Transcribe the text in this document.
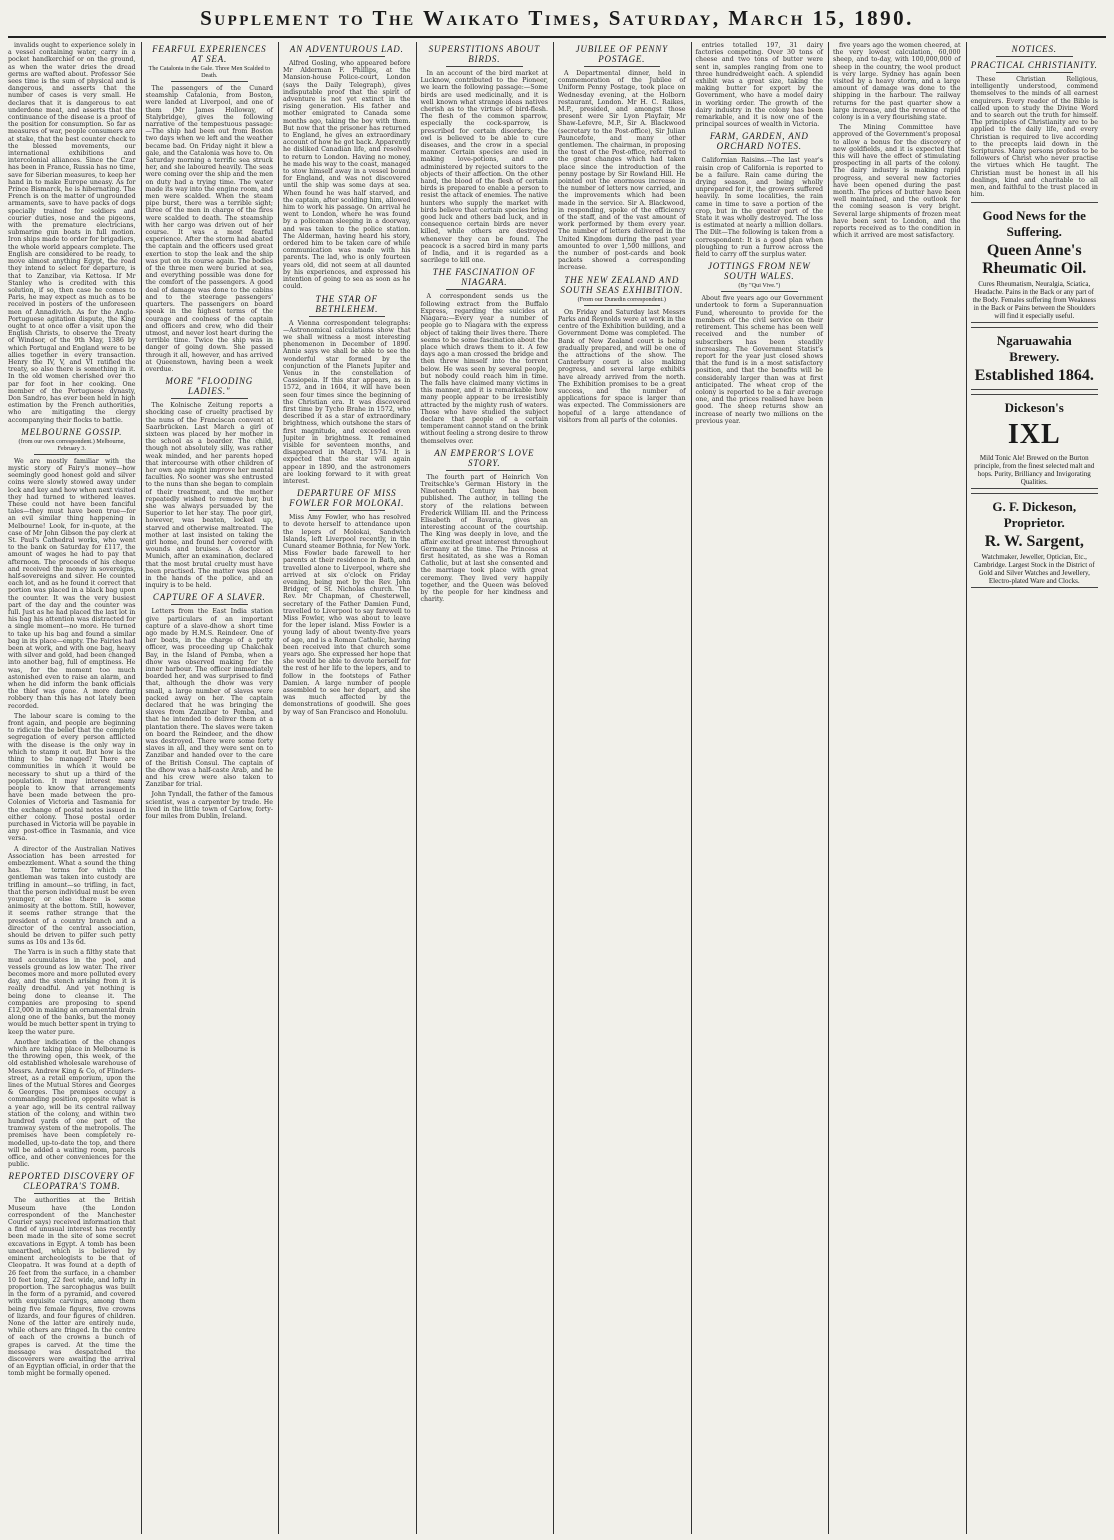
Supplement to The Waikato Times, Saturday, March 15, 1890.

invalids ought to experience solely in a vessel containing water, carry in a pocket handkerchief or on the ground, as when the water dries the dread germs are wafted about. Professor Sée sees time is the sum of physical and is dangerous, and asserts that the number of cases is very small. He declares that it is dangerous to eat underdone meat, and asserts that the continuance of the disease is a proof of the position for consumption. So far as measures of war, people consumers are at stake, that the best counter check to the blessed movements, our international exhibitions and intercolonial alliances. Since the Czar has been in France, Russia has no time, save for Siberian measures, to keep her hand in to make Europe uneasy. As for Prince Bismarck, he is hibernating. The French is on the matter of ungrounded armaments, save to have packs of dogs specially trained for soldiers and courier duties, nose and the pigeons, with the premature electricians, submarine gun boats in full motion. Iron ships made to order for brigadiers, the whole world appears complete. The English are considered to be ready, to move almost anything Egypt, the road they intend to select for departure, is that to Zanzibar, via Kettosa. If Mr Stanley who is credited with this solution, if so, then case he comes to Paris, he may expect as much as to be received in posters of the unforeseen men of Annadivich. As for the Anglo-Portuguese agitation dispute, the King ought to at once offer a visit upon the English Christs, to observe the Treaty of Windsor, of the 9th May, 1386 by which Portugal and England were to be allies together in every transaction. Henry the IV, V, and VI ratified the treaty, so also there is something in it. In the old women cherished over tho par for foot in her cooking. One member of the Portuguese dynasty, Don Sandro, has ever been held in high estimation by the French authorities, who are mitigating the clergy accompanying their flocks to battle.

MELBOURNE GOSSIP.
(from our own correspondent.) Melbourne, February 3.

We are mostly familiar with the mystic story of Fairy's money—how seemingly good honest gold and silver coins were slowly stowed away under lock and key and how when next visited they had turned to withered leaves. These could not have been fanciful tales—they must have been true—for an evil similar thing happening in Melbourne! Look, for in-quote, at the case of Mr John Gibson the pay clerk at St. Paul's Cathedral works, who went to the bank on Saturday for £117, the amount of wages he had to pay that afternoon. The proceeds of his cheque and received the money in sovereigns, half-sovereigns and silver. He counted each lot, and as he found it correct that portion was placed in a black bag upon the counter. It was the very busiest part of the day and the counter was full. Just as he had placed the last lot in his bag his attention was distracted for a single moment—no more. He turned to take up his bag and found a similar bag in its place—empty. The Fairies had been at work, and with one bag, heavy with silver and gold, had been changed into another bag, full of emptiness. He was, for the moment too much astonished even to raise an alarm, and when he did inform the bank officials the thief was gone. A more daring robbery than this has not lately been recorded.

The labour scare is coming to the front again, and people are beginning to ridicule the belief that the complete segregation of every person afflicted with the disease is the only way in which to stamp it out. But how is the thing to be managed? There are communities in which it would be necessary to shut up a third of the population. It may interest many people to know that arrangements have been made between the pro-Colonies of Victoria and Tasmania for the exchange of postal notes issued in either colony. Those postal order purchased in Victoria will be payable in any post-office in Tasmania, and vice versa.

A director of the Australian Natives Association has been arrested for embezzlement. What a sound the thing has. The terms for which the gentleman was taken into custody are trifling in amount—so trifling, in fact, that the person individual must be even younger, or else there is some animosity at the bottom. Still, however, it seems rather strange that the president of a country branch and a director of the central association, should be driven to pilfer such petty sums as 10s and 13s 6d.

The Yarra is in such a filthy state that mud accumulates in the pool, and vessels ground as low water. The river becomes more and more polluted every day, and the stench arising from it is really dreadful. And yet nothing is being done to cleanse it. The companies are proposing to spend £12,000 in making an ornamental drain along one of the banks, but the money would be much better spent in trying to keep the water pure.

Another indication of the changes which are taking place in Melbourne is the throwing open, this week, of the old established wholesale warehouse of Messrs. Andrew King & Co, of Flinders-street, as a retail emporium, upon the lines of the Mutual Stores and Georges & Georges. The premises occupy a commanding position, opposite what is a year ago, will be its central railway station of the colony, and within two hundred yards of one part of the tramway system of the metropolis. The premises have been completely re-modelled, up-to-date the top, and there will be added a waiting room, parcels office, and other conveniences for the public.

REPORTED DISCOVERY OF CLEOPATRA'S TOMB.

The authorities at the British Museum have (the London correspondent of the Manchester Courier says) received information that a find of unusual interest has recently been made in the site of some secret excavations in Egypt. A tomb has been unearthed, which is believed by eminent archeologists to be that of Cleopatra. It was found at a depth of 26 feet from the surface, in a chamber 10 feet long, 22 feet wide, and lofty in proportion. The sarcophagus was built in the form of a pyramid, and covered with exquisite carvings, among them being five female figures, five crowns of lizards, and four figures of children. None of the latter are entirely nude, while others are fringed. In the centre of each of the crowns a bunch of grapes is carved. At the time the message was despatched the discoverers were awaiting the arrival of an Egyptian official, in order that the tomb might be formally opened.

FEARFUL EXPERIENCES AT SEA.
The Catalonia in the Gale. Three Men Scalded to Death.

The passengers of the Cunard steamship Catalonia, from Boston, were landed at Liverpool, and one of them (Mr James Holloway, of Stalybridge), gives the following narrative of the tempestuous passage:—The ship had been out from Boston two days when we left and the weather became bad. On Friday night it blew a gale, and the Catalonia was hove to. On Saturday morning a terrific sea struck her, and she laboured heavily. The seas were coming over the ship and the men on duty had a trying time. The water made its way into the engine room, and men were scalded. When the steam pipe burst, there was a terrible sight; three of the men in charge of the fires were scalded to death. The steamship with her cargo was driven out of her course. It was a most fearful experience. After the storm had abated the captain and the officers used great exertion to stop the leak and the ship was put on its course again. The bodies of the three men were buried at sea, and everything possible was done for the comfort of the passengers. A good deal of damage was done to the cabins and to the steerage passengers' quarters. The passengers on board speak in the highest terms of the courage and coolness of the captain and officers and crew, who did their utmost, and never lost heart during the terrible time. Twice the ship was in danger of going down. She passed through it all, however, and has arrived at Queenstown, having been a week overdue.

MORE "FLOODING LADIES."

The Kolnische Zeitung reports a shocking case of cruelty practised by the nuns of the Franciscan convent at Saarbrücken. Last March a girl of sixteen was placed by her mother in the school as a boarder. The child, though not absolutely silly, was rather weak minded, and her parents hoped that intercourse with other children of her own age might improve her mental faculties. No sooner was she entrusted to the nuns than she began to complain of their treatment, and the mother repeatedly wished to remove her, but she was always persuaded by the Superior to let her stay. The poor girl, however, was beaten, locked up, starved and otherwise maltreated. The mother at last insisted on taking the girl home, and found her covered with wounds and bruises. A doctor at Munich, after an examination, declared that the most brutal cruelty must have been practised. The matter was placed in the hands of the police, and an inquiry is to be held.

CAPTURE OF A SLAVER.

Letters from the East India station give particulars of an important capture of a slave-dhow a short time ago made by H.M.S. Reindeer. One of her boats, in the charge of a petty officer, was proceeding up Chakchak Bay, in the Island of Pemba, when a dhow was observed making for the inner harbour. The officer immediately boarded her, and was surprised to find that, although the dhow was very small, a large number of slaves were packed away on her. The captain declared that he was bringing the slaves from Zanzibar to Pemba, and that he intended to deliver them at a plantation there. The slaves were taken on board the Reindeer, and the dhow was destroyed. There were some forty slaves in all, and they were sent on to Zanzibar and handed over to the care of the British Consul. The captain of the dhow was a half-caste Arab, and he and his crew were also taken to Zanzibar for trial.

John Tyndall, the father of the famous scientist, was a carpenter by trade. He lived in the little town of Carlow, forty-four miles from Dublin, Ireland.

AN ADVENTUROUS LAD.

Alfred Gosling, who appeared before Mr Alderman F. Phillips, at the Mansion-house Police-court, London (says the Daily Telegraph), gives indisputable proof that the spirit of adventure is not yet extinct in the rising generation. His father and mother emigrated to Canada some months ago, taking the boy with them. But now that the prisoner has returned to England, he gives an extraordinary account of how he got back. Apparently he disliked Canadian life, and resolved to return to London. Having no money, he made his way to the coast, managed to stow himself away in a vessel bound for England, and was not discovered until the ship was some days at sea. When found he was half starved, and the captain, after scolding him, allowed him to work his passage. On arrival he went to London, where he was found by a policeman sleeping in a doorway, and was taken to the police station. The Alderman, having heard his story, ordered him to be taken care of while communication was made with his parents. The lad, who is only fourteen years old, did not seem at all daunted by his experiences, and expressed his intention of going to sea as soon as he could.

THE STAR OF BETHLEHEM.

A Vienna correspondent telegraphs:—Astronomical calculations show that we shall witness a most interesting phenomenon in December of 1890. Annie says we shall be able to see the wonderful star formed by the conjunction of the Planets Jupiter and Venus in the constellation of Cassiopeia. If this star appears, as in 1572, and in 1604, it will have been seen four times since the beginning of the Christian era. It was discovered first time by Tycho Brahe in 1572, who described it as a star of extraordinary brightness, which outshone the stars of first magnitude, and exceeded even Jupiter in brightness. It remained visible for seventeen months, and disappeared in March, 1574. It is expected that the star will again appear in 1890, and the astronomers are looking forward to it with great interest.

DEPARTURE OF MISS FOWLER FOR MOLOKAI.

Miss Amy Fowler, who has resolved to devote herself to attendance upon the lepers of Molokai, Sandwich Islands, left Liverpool recently, in the Cunard steamer Bothnia, for New York. Miss Fowler bade farewell to her parents at their residence in Bath, and travelled alone to Liverpool, where she arrived at six o'clock on Friday evening, being met by the Rev. John Bridger, of St. Nicholas church. The Rev. Mr Chapman, of Chesterwell, secretary of the Father Damien Fund, travelled to Liverpool to say farewell to Miss Fowler, who was about to leave for the leper island. Miss Fowler is a young lady of about twenty-five years of age, and is a Roman Catholic, having been received into that church some years ago. She expressed her hope that she would be able to devote herself for the rest of her life to the lepers, and to follow in the footsteps of Father Damien. A large number of people assembled to see her depart, and she was much affected by the demonstrations of goodwill. She goes by way of San Francisco and Honolulu.

SUPERSTITIONS ABOUT BIRDS.

In an account of the bird market at Lucknow, contributed to the Pioneer, we learn the following passage:—Some birds are used medicinally, and it is well known what strange ideas natives cherish as to the virtues of bird-flesh. The flesh of the common sparrow, especially the cock-sparrow, is prescribed for certain disorders; the owl is believed to be able to cure diseases, and the crow in a special manner. Certain species are used in making love-potions, and are administered by rejected suitors to the objects of their affection. On the other hand, the blood of the flesh of certain birds is prepared to enable a person to resist the attack of enemies. The native hunters who supply the market with birds believe that certain species bring good luck and others bad luck, and in consequence certain birds are never killed, while others are destroyed whenever they can be found. The peacock is a sacred bird in many parts of India, and it is regarded as a sacrilege to kill one.

THE FASCINATION OF NIAGARA.

A correspondent sends us the following extract from the Buffalo Express, regarding the suicides at Niagara:—Every year a number of people go to Niagara with the express object of taking their lives there. There seems to be some fascination about the place which draws them to it. A few days ago a man crossed the bridge and then threw himself into the torrent below. He was seen by several people, but nobody could reach him in time. The falls have claimed many victims in this manner, and it is remarkable how many people appear to be irresistibly attracted by the mighty rush of waters. Those who have studied the subject declare that people of a certain temperament cannot stand on the brink without feeling a strong desire to throw themselves over.

AN EMPEROR'S LOVE STORY.

The fourth part of Heinrich Von Treitschke's German History in the Nineteenth Century has been published. The author, in telling the story of the relations between Frederick William III. and the Princess Elisabeth of Bavaria, gives an interesting account of the courtship. The King was deeply in love, and the affair excited great interest throughout Germany at the time. The Princess at first hesitated, as she was a Roman Catholic, but at last she consented and the marriage took place with great ceremony. They lived very happily together, and the Queen was beloved by the people for her kindness and charity.

JUBILEE OF PENNY POSTAGE.

A Departmental dinner, held in commemoration of the Jubilee of Uniform Penny Postage, took place on Wednesday evening, at the Holborn restaurant, London. Mr H. C. Raikes, M.P., presided, and amongst those present were Sir Lyon Playfair, Mr Shaw-Lefevre, M.P., Sir A. Blackwood (secretary to the Post-office), Sir Julian Pauncefote, and many other gentlemen. The chairman, in proposing the toast of the Post-office, referred to the great changes which had taken place since the introduction of the penny postage by Sir Rowland Hill. He pointed out the enormous increase in the number of letters now carried, and the improvements which had been made in the service. Sir A. Blackwood, in responding, spoke of the efficiency of the staff, and of the vast amount of work performed by them every year. The number of letters delivered in the United Kingdom during the past year amounted to over 1,500 millions, and the number of post-cards and book packets showed a corresponding increase.

THE NEW ZEALAND AND SOUTH SEAS EXHIBITION.
(From our Dunedin correspondent.)

On Friday and Saturday last Messrs Parks and Reynolds were at work in the centre of the Exhibition building, and a Government Dome was completed. The Bank of New Zealand court is being gradually prepared, and will be one of the attractions of the show. The Canterbury court is also making progress, and several large exhibits have already arrived from the north. The Exhibition promises to be a great success, and the number of applications for space is larger than was expected. The Commissioners are hopeful of a large attendance of visitors from all parts of the colonies.

entries totalled 197, 31 dairy factories competing. Over 30 tons of cheese and two tons of butter were sent in, samples ranging from one to three hundredweight each. A splendid exhibit was a great size, taking the making butter for export by the Government, who have a model dairy in working order. The growth of the dairy industry in the colony has been remarkable, and it is now one of the principal sources of wealth in Victoria.

FARM, GARDEN, AND ORCHARD NOTES.

Californian Raisins.—The last year's raisin crop of California is reported to be a failure. Rain came during the drying season, and being wholly unprepared for it, the growers suffered heavily. In some localities, the rain came in time to save a portion of the crop, but in the greater part of the State it was wholly destroyed. The loss is estimated at nearly a million dollars. The Dilt—The following is taken from a correspondent: It is a good plan when ploughing to run a furrow across the field to carry off the surplus water.

JOTTINGS FROM NEW SOUTH WALES.
(By "Qui Vive.")

About five years ago our Government undertook to form a Superannuation Fund, whereunto to provide for the members of the civil service on their retirement. This scheme has been well received and the number of subscribers has been steadily increasing. The Government Statist's report for the year just closed shows that the fund is in a most satisfactory position, and that the benefits will be considerably larger than was at first anticipated. The wheat crop of the colony is reported to be a fair average one, and the prices realised have been good. The sheep returns show an increase of nearly two millions on the previous year.

five years ago the women cheered, at the very lowest calculation, 60,000 sheep, and to-day, with 100,000,000 of sheep in the country, the wool product is very large. Sydney has again been visited by a heavy storm, and a large amount of damage was done to the shipping in the harbour. The railway returns for the past quarter show a large increase, and the revenue of the colony is in a very flourishing state.

The Mining Committee have approved of the Government's proposal to allow a bonus for the discovery of new goldfields, and it is expected that this will have the effect of stimulating prospecting in all parts of the colony. The dairy industry is making rapid progress, and several new factories have been opened during the past month. The prices of butter have been well maintained, and the outlook for the coming season is very bright. Several large shipments of frozen meat have been sent to London, and the reports received as to the condition in which it arrived are most satisfactory.

NOTICES.
PRACTICAL CHRISTIANITY.

These Christian Religious, intelligently understood, commend themselves to the minds of all earnest enquirers. Every reader of the Bible is called upon to study the Divine Word and to search out the truth for himself. The principles of Christianity are to be applied to the daily life, and every Christian is required to live according to the precepts laid down in the Scriptures. Many persons profess to be followers of Christ who never practise the virtues which He taught. The Christian must be honest in all his dealings, kind and charitable to all men, and faithful to the trust placed in him.

Good News for the Suffering.
Queen Anne's Rheumatic Oil.
Cures Rheumatism, Neuralgia, Sciatica, Headache. Pains in the Back or any part of the Body. Females suffering from Weakness in the Back or Pains between the Shoulders will find it especially useful.
Ngaruawahia Brewery.
Established 1864.
Dickeson's
IXL
Mild Tonic Ale! Brewed on the Burton principle, from the finest selected malt and hops. Purity, Brilliancy and Invigorating Qualities.
G. F. Dickeson, Proprietor.
R. W. Sargent,
Watchmaker, Jeweller, Optician, Etc., Cambridge. Largest Stock in the District of Gold and Silver Watches and Jewellery, Electro-plated Ware and Clocks.
